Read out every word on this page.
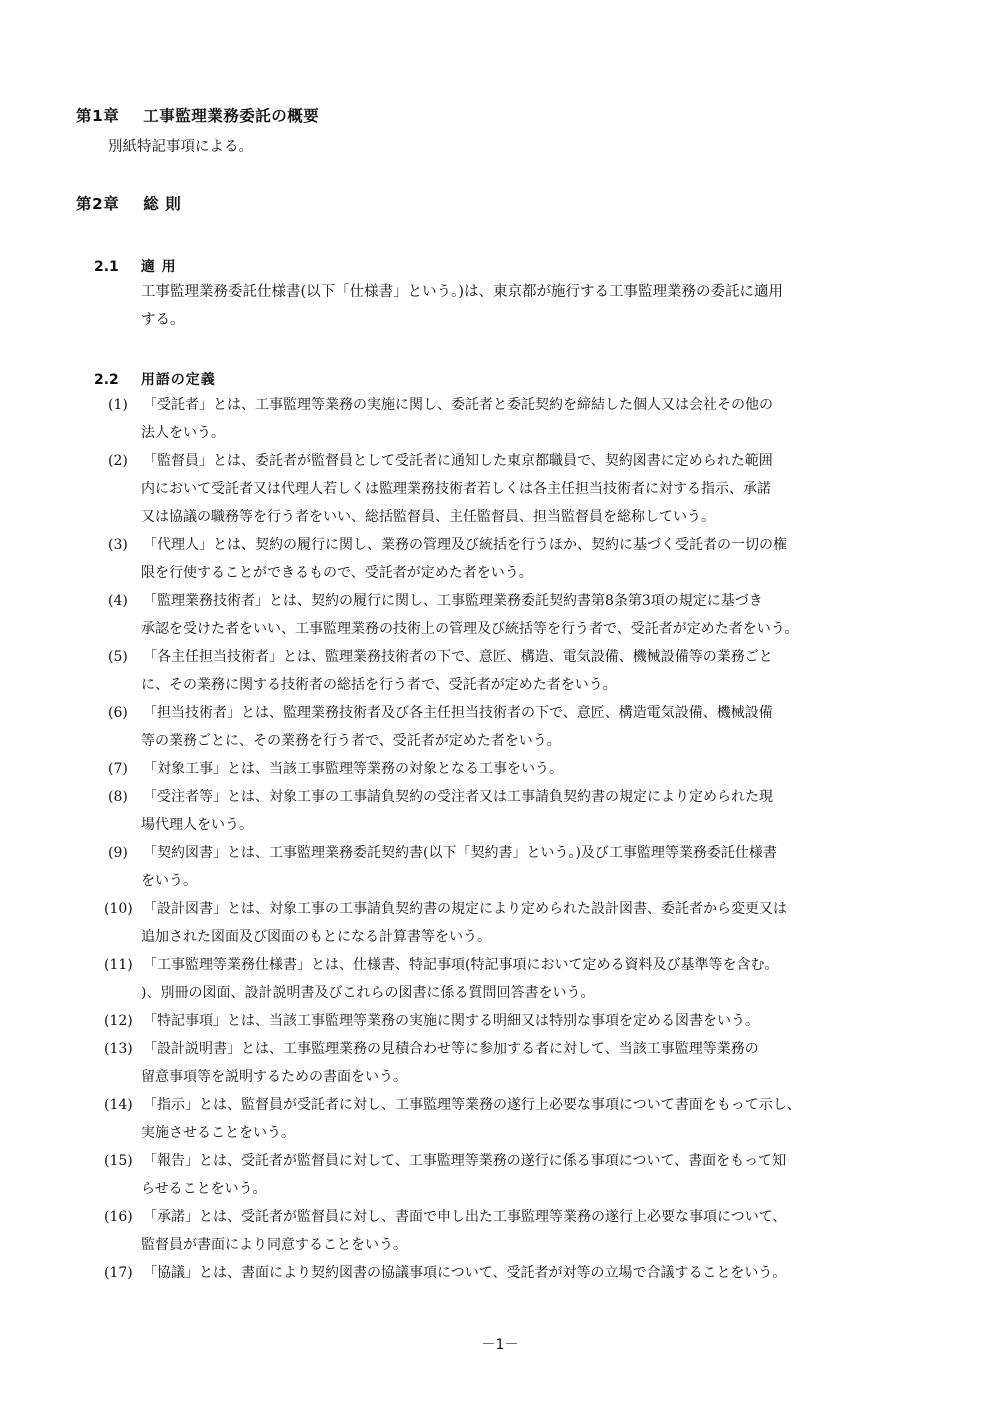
第1章 工事監理業務委託の概要
別紙特記事項による。
第2章 総 則
2.1 適 用
工事監理業務委託仕様書(以下「仕様書」という。)は、東京都が施行する工事監理業務の委託に適用
する。
2.2 用語の定義
(1) 「受託者」とは、工事監理等業務の実施に関し、委託者と委託契約を締結した個人又は会社その他の
法人をいう。
(2) 「監督員」とは、委託者が監督員として受託者に通知した東京都職員で、契約図書に定められた範囲
内において受託者又は代理人若しくは監理業務技術者若しくは各主任担当技術者に対する指示、承諾
又は協議の職務等を行う者をいい、総括監督員、主任監督員、担当監督員を総称していう。
(3) 「代理人」とは、契約の履行に関し、業務の管理及び統括を行うほか、契約に基づく受託者の一切の権
限を行使することができるもので、受託者が定めた者をいう。
(4) 「監理業務技術者」とは、契約の履行に関し、工事監理業務委託契約書第8条第3項の規定に基づき
承認を受けた者をいい、工事監理業務の技術上の管理及び統括等を行う者で、受託者が定めた者をいう。
(5) 「各主任担当技術者」とは、監理業務技術者の下で、意匠、構造、電気設備、機械設備等の業務ごと
に、その業務に関する技術者の総括を行う者で、受託者が定めた者をいう。
(6) 「担当技術者」とは、監理業務技術者及び各主任担当技術者の下で、意匠、構造電気設備、機械設備
等の業務ごとに、その業務を行う者で、受託者が定めた者をいう。
(7) 「対象工事」とは、当該工事監理等業務の対象となる工事をいう。
(8) 「受注者等」とは、対象工事の工事請負契約の受注者又は工事請負契約書の規定により定められた現
場代理人をいう。
(9) 「契約図書」とは、工事監理業務委託契約書(以下「契約書」という。)及び工事監理等業務委託仕様書
をいう。
(10) 「設計図書」とは、対象工事の工事請負契約書の規定により定められた設計図書、委託者から変更又は
追加された図面及び図面のもとになる計算書等をいう。
(11) 「工事監理等業務仕様書」とは、仕様書、特記事項(特記事項において定める資料及び基準等を含む。
)、別冊の図面、設計説明書及びこれらの図書に係る質問回答書をいう。
(12) 「特記事項」とは、当該工事監理等業務の実施に関する明細又は特別な事項を定める図書をいう。
(13) 「設計説明書」とは、工事監理業務の見積合わせ等に参加する者に対して、当該工事監理等業務の
留意事項等を説明するための書面をいう。
(14) 「指示」とは、監督員が受託者に対し、工事監理等業務の遂行上必要な事項について書面をもって示し、
実施させることをいう。
(15) 「報告」とは、受託者が監督員に対して、工事監理等業務の遂行に係る事項について、書面をもって知
らせることをいう。
(16) 「承諾」とは、受託者が監督員に対し、書面で申し出た工事監理等業務の遂行上必要な事項について、
監督員が書面により同意することをいう。
(17) 「協議」とは、書面により契約図書の協議事項について、受託者が対等の立場で合議することをいう。
－1－
